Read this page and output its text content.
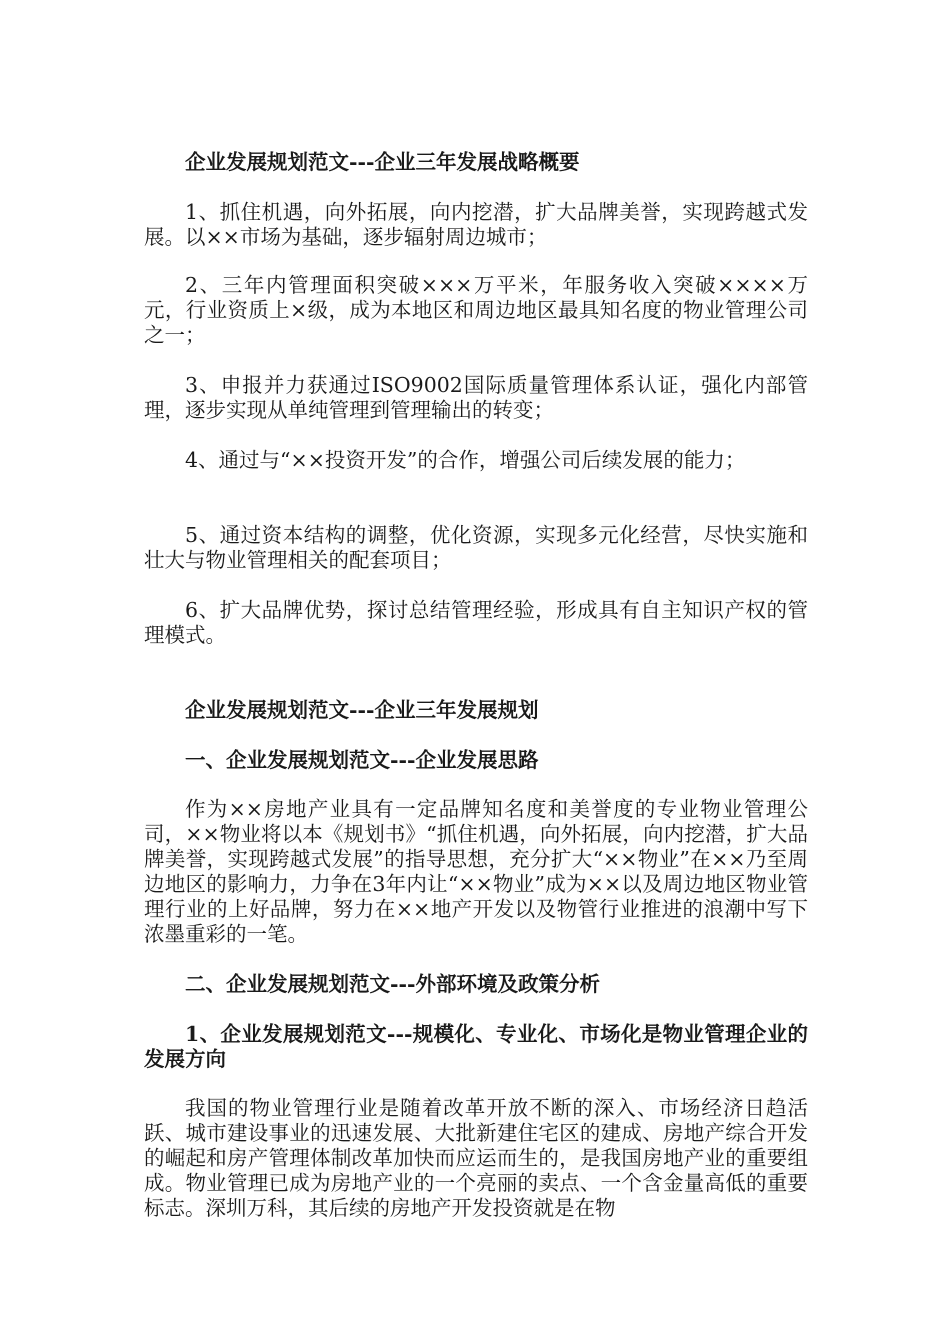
企业发展规划范文---企业三年发展战略概要

1、抓住机遇，向外拓展，向内挖潜，扩大品牌美誉，实现跨越式发展。以××市场为基础，逐步辐射周边城市；

2、三年内管理面积突破×××万平米，年服务收入突破××××万元，行业资质上×级，成为本地区和周边地区最具知名度的物业管理公司之一；

3、申报并力获通过ISO9002国际质量管理体系认证，强化内部管理，逐步实现从单纯管理到管理输出的转变；

4、通过与“××投资开发”的合作，增强公司后续发展的能力；

5、通过资本结构的调整，优化资源，实现多元化经营，尽快实施和壮大与物业管理相关的配套项目；

6、扩大品牌优势，探讨总结管理经验，形成具有自主知识产权的管理模式。

企业发展规划范文---企业三年发展规划

一、企业发展规划范文---企业发展思路

作为××房地产业具有一定品牌知名度和美誉度的专业物业管理公司，××物业将以本《规划书》“抓住机遇，向外拓展，向内挖潜，扩大品牌美誉，实现跨越式发展”的指导思想，充分扩大“××物业”在××乃至周边地区的影响力，力争在3年内让“××物业”成为××以及周边地区物业管理行业的上好品牌，努力在××地产开发以及物管行业推进的浪潮中写下浓墨重彩的一笔。

二、企业发展规划范文---外部环境及政策分析

1、企业发展规划范文---规模化、专业化、市场化是物业管理企业的发展方向

我国的物业管理行业是随着改革开放不断的深入、市场经济日趋活跃、城市建设事业的迅速发展、大批新建住宅区的建成、房地产综合开发的崛起和房产管理体制改革加快而应运而生的，是我国房地产业的重要组成。物业管理已成为房地产业的一个亮丽的卖点、一个含金量高低的重要标志。深圳万科，其后续的房地产开发投资就是在物
